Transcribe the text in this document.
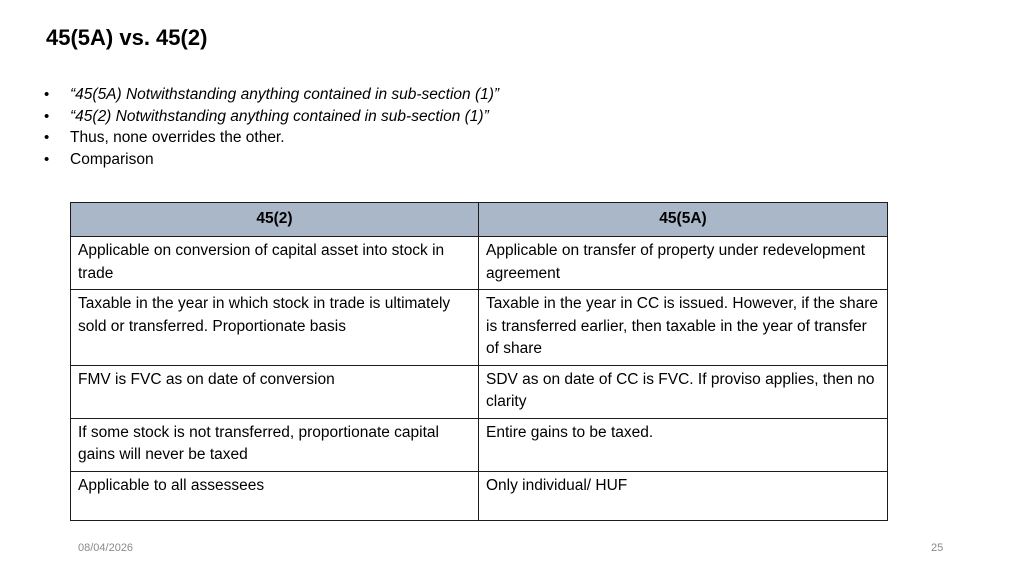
45(5A) vs. 45(2)
• “45(5A) Notwithstanding anything contained in sub-section (1)”
• “45(2) Notwithstanding anything contained in sub-section (1)”
• Thus, none overrides the other.
• Comparison
45(2)	45(5A)
Applicable on conversion of capital asset into stock in trade	Applicable on transfer of property under redevelopment agreement
Taxable in the year in which stock in trade is ultimately sold or transferred. Proportionate basis	Taxable in the year in CC is issued. However, if the share is transferred earlier, then taxable in the year of transfer of share
FMV is FVC as on date of conversion	SDV as on date of CC is FVC. If proviso applies, then no clarity
If some stock is not transferred, proportionate capital gains will never be taxed	Entire gains to be taxed.
Applicable to all assessees	Only individual/ HUF
08/04/2026	25
